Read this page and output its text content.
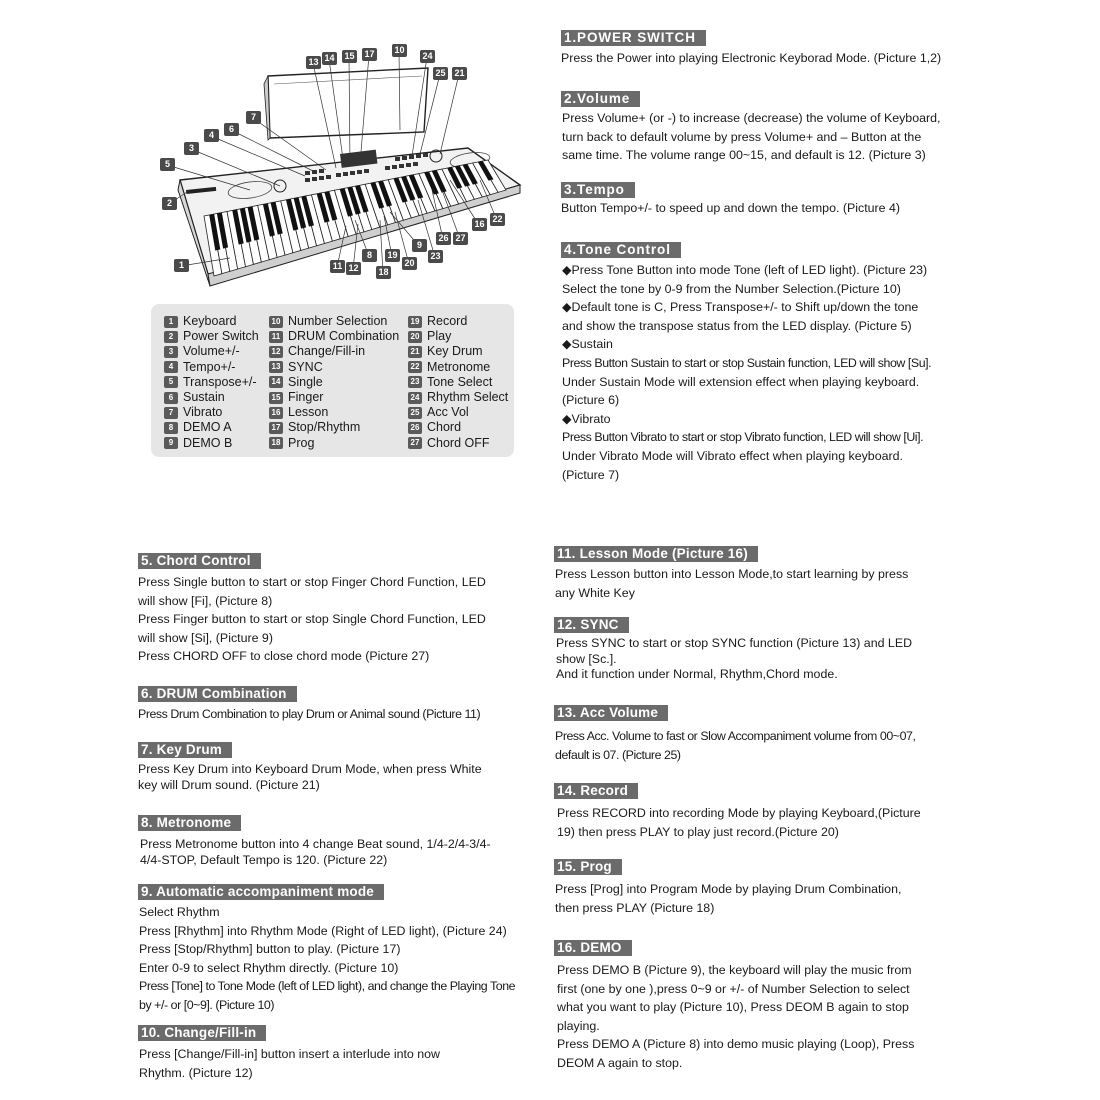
1
2
3
4
5
6
7
8
9
10
11 12
13 14 15
16
17
18
19
20
21
22
23
24
25
26 27
1 Keyboard
2 Power Switch
3 Volume+/-
4 Tempo+/-
5 Transpose+/-
6 Sustain
7 Vibrato
8 DEMO A
9 DEMO B
10 Number Selection
11 DRUM Combination
12 Change/Fill-in
13 SYNC
14 Single
15 Finger
16 Lesson
17 Stop/Rhythm
18 Prog
19 Record
20 Play
21 Key Drum
22 Metronome
23 Tone Select
24 Rhythm Select
25 Acc Vol
26 Chord
27 Chord OFF
1.POWER SWITCH
Press the Power into playing Electronic Keyborad Mode. (Picture 1,2)
2.Volume
Press Volume+ (or -) to increase (decrease) the volume of Keyboard,
turn back to default volume by press Volume+ and – Button at the
same time. The volume range 00~15, and default is 12. (Picture 3)
3.Tempo
Button Tempo+/- to speed up and down the tempo. (Picture 4)
4.Tone Control
◆Press Tone Button into mode Tone (left of LED light). (Picture 23)
Select the tone by 0-9 from the Number Selection.(Picture 10)
◆Default tone is C, Press Transpose+/- to Shift up/down the tone
and show the transpose status from the LED display. (Picture 5)
◆Sustain
Press Button Sustain to start or stop Sustain function, LED will show [Su].
Under Sustain Mode will extension effect when playing keyboard.
(Picture 6)
◆Vibrato
Press Button Vibrato to start or stop Vibrato function, LED will show [Ui].
Under Vibrato Mode will Vibrato effect when playing keyboard.
(Picture 7)
5. Chord Control
Press Single button to start or stop Finger Chord Function, LED
will show [Fi], (Picture 8)
Press Finger button to start or stop Single Chord Function, LED
will show [Si], (Picture 9)
Press CHORD OFF to close chord mode (Picture 27)
6. DRUM Combination
Press Drum Combination to play Drum or Animal sound (Picture 11)
7. Key Drum
Press Key Drum into Keyboard Drum Mode, when press White
key will Drum sound. (Picture 21)
8. Metronome
Press Metronome button into 4 change Beat sound, 1/4-2/4-3/4-
4/4-STOP, Default Tempo is 120. (Picture 22)
9. Automatic accompaniment mode
Select Rhythm
Press [Rhythm] into Rhythm Mode (Right of LED light), (Picture 24)
Press [Stop/Rhythm] button to play. (Picture 17)
Enter 0-9 to select Rhythm directly. (Picture 10)
Press [Tone] to Tone Mode (left of LED light), and change the Playing Tone
by +/- or [0~9]. (Picture 10)
10. Change/Fill-in
Press [Change/Fill-in] button insert a interlude into now
Rhythm. (Picture 12)
11. Lesson Mode (Picture 16)
Press Lesson button into Lesson Mode,to start learning by press
any White Key
12. SYNC
Press SYNC to start or stop SYNC function (Picture 13) and LED
show [Sc.].
And it function under Normal, Rhythm,Chord mode.
13. Acc Volume
Press Acc. Volume to fast or Slow Accompaniment volume from 00~07,
default is 07. (Picture 25)
14. Record
Press RECORD into recording Mode by playing Keyboard,(Picture
19) then press PLAY to play just record.(Picture 20)
15. Prog
Press [Prog] into Program Mode by playing Drum Combination,
then press PLAY (Picture 18)
16. DEMO
Press DEMO B (Picture 9), the keyboard will play the music from
first (one by one ),press 0~9 or +/- of Number Selection to select
what you want to play (Picture 10), Press DEOM B again to stop
playing.
Press DEMO A (Picture 8) into demo music playing (Loop), Press
DEOM A again to stop.
